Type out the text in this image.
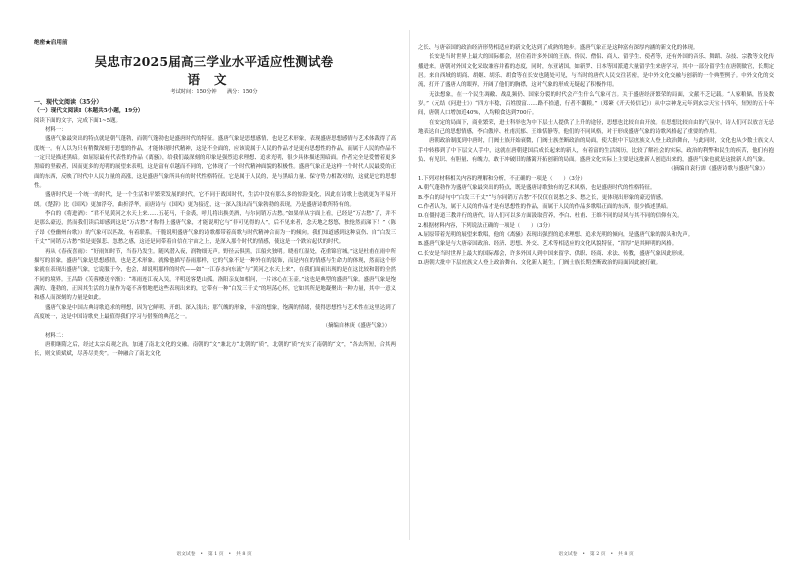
绝密★启用前
吴忠市2025届高三学业水平适应性测试卷
语文
考试时间：150分钟　　满分：150分

一、现代文阅读（35分）

（一）现代文阅读Ⅰ（本题共5小题，19分）

阅读下面的文字，完成下面1~5题。

材料一：

盛唐气象最突出的特点就是朝气蓬勃，而朝气蓬勃也是盛唐时代的特征。盛唐气象是思想感情，也是艺术形象，表现盛唐思想感情与艺术体裁得了高度统一。有人以为只有稍微深刻于思想的作品，才能体现时代精神，这是不全面的，应该说属于人民的作品才是更有思想性的作品，而属于人民的作品不一定只是描述黑暗。如屈原最有代表性的作品《离骚》，给我们最深刻的印象是强烈追求理想、追求光明，很少具体描述黑暗面。作者完全是爱憎着更多黑暗的坚毅者，因而更多的光明的展望来表明，这是富有卓越而不同的，它体现了一个时代精神面貌的积极性。盛唐气象正是这样一个时代人民最爱的正面的东西，反映了时代中人民力量的高涨，这是盛唐气象所具有的时代性格特征。它是属于人民的，是与黑暗力量、保守势力相敌对的，这就是它的思想性。

盛唐时代是一个统一的时代，是一个生活和平繁荣发展的时代，它不同于战国时代，生活中没有那么多的惊险变化，因此在诗歌上也就更为平易开朗。《楚辞》比《国风》更加浮夸，曲折浮华，而唐诗与《国风》更为接近，这一深入浅出而气象勃勃的表现，乃是盛唐诗歌所特有的。

李白的《将进酒》：“君不见黄河之水天上来……五花马，千金裘，呼儿将出换美酒，与尔同销万古愁。”如果单从字面上看，已经是“万古愁”了，并不是那么豪迈，然而我们读后却感到这是“万古愁”才称得上盛唐气象，才能说明它与“非可见得的人”，后不见来者，念天地之悠悠，独怆然而涕下！”（陈子昂《登幽州台歌》）的气象可以匹敌，有着联系。干脆说明盛唐气象的诗歌都带着高歌与时代精神合而为一的倾向。我们知道感到这种哀伤、自“白发三千丈”“同销万古愁”似是更强悲、忽愁之感，这还是同带着自信在宇宙之上，是深入那个时代的情感，使这是一个跌宕起伏的时代。

再从《春夜喜雨》：“好雨知时节，当春乃发生。随风潜入夜，润物细无声。野径云俱黑，江船火独明。晓看红湿处，花重锦官城。”这是杜甫在雨中所描写的景象，盛唐气象是思想感情，也是艺术形象。就像他描写春雨那样，它的气象不是一种外在的装饰，而是内在的情感与生命力的体现，然而这个形象就在表现出盛唐气象，它说服于今，也会，却说明那样的时代——如“一江春水向东流”与“黄河之水天上来”，在我们面前出现的是在这比较和谐的全然不同的境界。王昌龄《芙蓉楼送辛渐》：“寒雨连江夜入吴，平明送客楚山孤。洛阳亲友如相问，一片冰心在玉壶。”这也是典型的盛唐气象。盛唐气象是饱满的、蓬勃的，正因其生活的力量作为毫不吝惜地把这些表现出来的，它带有一种“白发三千丈”的坦荡心怀，它如其所是地凝聚出一种力量，其中一意义和感人而深刻的力量是如此。

盛唐气象是中国古典诗歌追求的理想，因为它鲜明、开朗、深入浅出；那气魄的形象，丰富的想象，饱满的情绪，使得思想性与艺术性在这里达到了高度统一，这是中国诗歌史上最值得我们学习与借鉴的典范之一。

（摘编自林庚《盛唐气象》）

材料二：

唐朝继隋之后，经过太宗贞观之治，加速了南北文化的交融。南朝的“文”兼北方“北朝的“质”，北朝的“质”充实了南朝的“文”，“各去所短，合其两长，则文质斌斌，尽善尽美矣”。一种融合了南北文化

语文试卷　•　第 1 页　•　共 8 页

之长、与唐帝国的政治经济形势相适应的新文化达到了成熟的地步。盛唐气象正是这种富有深厚内涵的新文化的体现。

长安是当时世界上最大的国际都会，居住着许多外国的王族、侨民、僧侣、商人、留学生、使者等，还有外国的音乐、舞蹈、杂技、宗教等文化传播进来。唐朝对外国文化采取兼容并蓄的态度，同时，东亚诸国，如新罗、日本等国派遣大量留学生来唐学习，其中一部分留学生在唐朝做官，长期定居。来自西域的胡商、胡姬、胡乐、胡食等在长安也随处可见，与当时的唐代人民交往甚密，是中外文化交融与创新的一个典型例子。中外文化的交流，打开了盛唐人的眼界，开阔了他们的胸襟，这对气象的形成无疑起了积极作用。

无法想象，在一个民生凋敝、战乱频仍、国家分裂的时代会产生什么气象可言。关于盛唐经济繁荣的局面，文献不乏记载。“人家粮储，皆及数岁。”（元结《问进士》）“四方丰稔，百姓殷富……路不拾遗，行者不囊粮。”（郑綮《开天传信记》）从中宗神龙元年到玄宗天宝十四年，短短的五十年间，唐朝人口增加近40%，人均粮食达到700斤。

在安定的局面下，商业繁荣，进士科举也为中下层士人提供了上升的途径，思想也比较自由开放。在思想比较自由的气氛中，诗人们可以放言无忌地表达自己的思想情感，李白傲岸、杜甫沉郁、王维恬静等，他们的不同风格，对于形成盛唐气象的诗歌风格起了重要的作用。

唐朝政治制度到中唐时，门阀士族开始衰微，门阀士族垄断政治的局面，使大批中下层庶族文人登上政治舞台，与此同时，文化也从少数士族文人手中转移到了中下层文人手中，这就在唐朝建国后成长起来的新人，有着富的生活阅历，比较了解社会的实际，政治的利弊和民生的疾苦，他们有抱负、有见识、有胆量、有魄力，敢于冲破旧的藩篱开拓创新的局面。盛唐文化实际上主要是这批新人创造出来的，盛唐气象也就是这批新人的气象。

（摘编自袁行霈《盛唐诗歌与盛唐气象》）

1.下列对材料相关内容的理解和分析，不正确的一项是（　　）（3分）

A.朝气蓬勃作为盛唐气象最突出的特点，既是盛唐诗歌独有的艺术风格，也是盛唐时代的性格特征。

B.李白的诗句中“白发三千丈”“与尔同销万古愁”不仅仅在说愁之多、愁之长，更体现出形象的豪迈情感。

C.作者认为，属于人民的作品才是有思想性的作品，而属于人民的作品多歌唱正面的东西，很少描述黑暗。

D.在僵持道三教并行的唐代，诗人们可以多方面汲取营养，李白、杜甫、王维不同的诗风与其不同的信仰有关。

2.根据材料内容，下列说法正确的一项是（　　）（3分）

A.屈原带着光明的展望来歌唱，他的《离骚》表现出强烈的追求理想、追求光明的倾向，是盛唐气象的源头和先声。

B.盛唐气象是与大唐帝国政治、经济、思想、外交、艺术等相适应的文化风貌特征，“浑厚”是其鲜明的风格。

C.长安是当时世界上最大的国际都会，许多外国人到中国来留学、供职、经商、求法、传教，盛唐气象因此形成。

D.唐朝大批中下层庶族文人登上政治舞台、文化新人诞生，门阀士族长期垄断政治的局面因此被打破。

语文试卷　•　第 2 页　•　共 8 页
